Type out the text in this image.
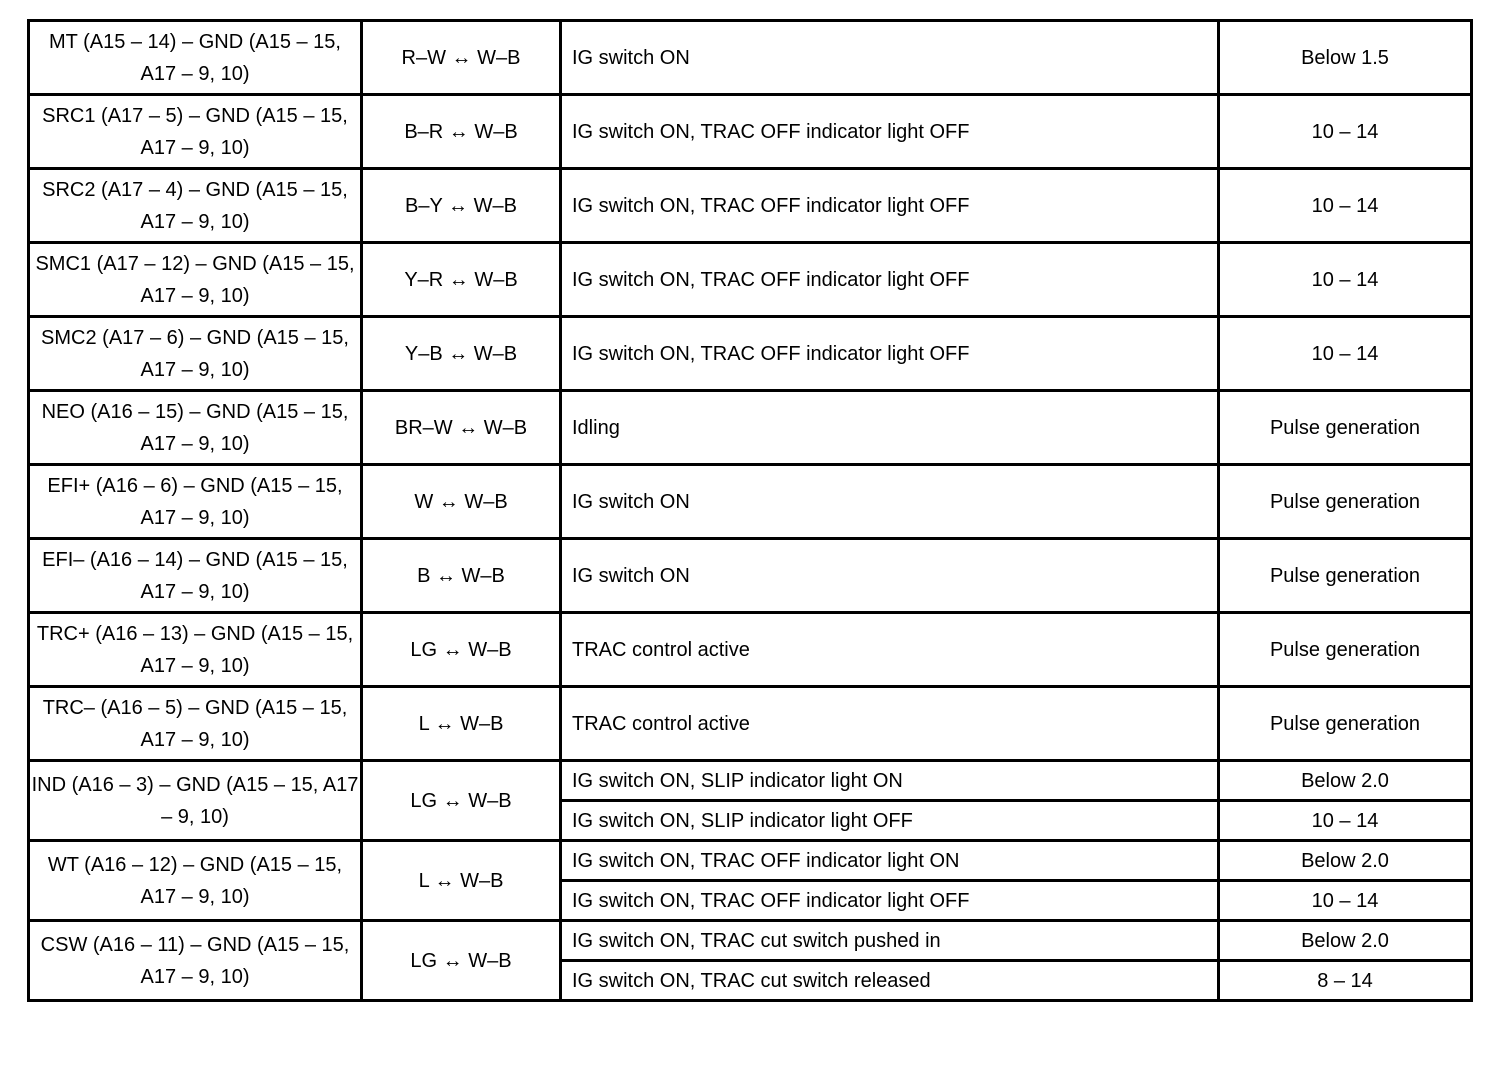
MT (A15 – 14) – GND (A15 – 15, A17 – 9, 10)	R–W ↔ W–B	IG switch ON	Below 1.5
SRC1 (A17 – 5) – GND (A15 – 15, A17 – 9, 10)	B–R ↔ W–B	IG switch ON, TRAC OFF indicator light OFF	10 – 14
SRC2 (A17 – 4) – GND (A15 – 15, A17 – 9, 10)	B–Y ↔ W–B	IG switch ON, TRAC OFF indicator light OFF	10 – 14
SMC1 (A17 – 12) – GND (A15 – 15, A17 – 9, 10)	Y–R ↔ W–B	IG switch ON, TRAC OFF indicator light OFF	10 – 14
SMC2 (A17 – 6) – GND (A15 – 15, A17 – 9, 10)	Y–B ↔ W–B	IG switch ON, TRAC OFF indicator light OFF	10 – 14
NEO (A16 – 15) – GND (A15 – 15, A17 – 9, 10)	BR–W ↔ W–B	Idling	Pulse generation
EFI+ (A16 – 6) – GND (A15 – 15, A17 – 9, 10)	W ↔ W–B	IG switch ON	Pulse generation
EFI– (A16 – 14) – GND (A15 – 15, A17 – 9, 10)	B ↔ W–B	IG switch ON	Pulse generation
TRC+ (A16 – 13) – GND (A15 – 15, A17 – 9, 10)	LG ↔ W–B	TRAC control active	Pulse generation
TRC– (A16 – 5) – GND (A15 – 15, A17 – 9, 10)	L ↔ W–B	TRAC control active	Pulse generation
IND (A16 – 3) – GND (A15 – 15, A17 – 9, 10)	LG ↔ W–B	IG switch ON, SLIP indicator light ON	Below 2.0
		IG switch ON, SLIP indicator light OFF	10 – 14
WT (A16 – 12) – GND (A15 – 15, A17 – 9, 10)	L ↔ W–B	IG switch ON, TRAC OFF indicator light ON	Below 2.0
		IG switch ON, TRAC OFF indicator light OFF	10 – 14
CSW (A16 – 11) – GND (A15 – 15, A17 – 9, 10)	LG ↔ W–B	IG switch ON, TRAC cut switch pushed in	Below 2.0
		IG switch ON, TRAC cut switch released	8 – 14
